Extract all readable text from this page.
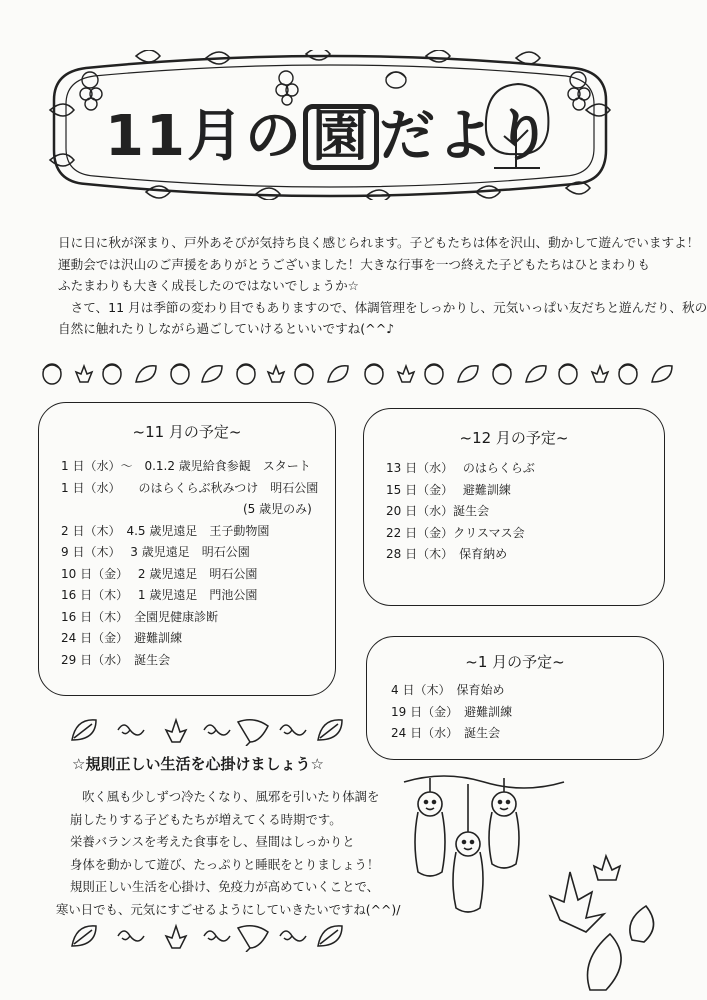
11月の 園 だより

日に日に秋が深まり、戸外あそびが気持ち良く感じられます。子どもたちは体を沢山、動かして遊んでいますよ！

運動会では沢山のご声援をありがとうございました！大きな行事を一つ終えた子どもたちはひとまわりも

ふたまわりも大きく成長したのではないでしょうか☆

　さて、11 月は季節の変わり目でもありますので、体調管理をしっかりし、元気いっぱい友だちと遊んだり、秋の

自然に触れたりしながら過ごしていけるといいですね(^^♪

~11 月の予定~
1 日（水）～　0.1.2 歳児給食参観　スタート
1 日（水）　　のはらくらぶ秋みつけ　明石公園
(5 歳児のみ)
2 日（木）　4.5 歳児遠足　王子動物園
9 日（木）　 3 歳児遠足　明石公園
10 日（金）　 2 歳児遠足　明石公園
16 日（木）　 1 歳児遠足　門池公園
16 日（木）　全園児健康診断
24 日（金）　避難訓練
29 日（水）　誕生会
~12 月の予定~
13 日（水）　 のはらくらぶ
15 日（金）　 避難訓練
20 日（水）誕生会
22 日（金）クリスマス会
28 日（木）　保育納め
~1 月の予定~
4 日（木）　保育始め
19 日（金）　避難訓練
24 日（水）　誕生会
☆規則正しい生活を心掛けましょう☆

吹く風も少しずつ冷たくなり、風邪を引いたり体調を

崩したりする子どもたちが増えてくる時期です。

栄養バランスを考えた食事をし、昼間はしっかりと

身体を動かして遊び、たっぷりと睡眠をとりましょう！

規則正しい生活を心掛け、免疫力が高めていくことで、

寒い日でも、元気にすごせるようにしていきたいですね(^^)/
